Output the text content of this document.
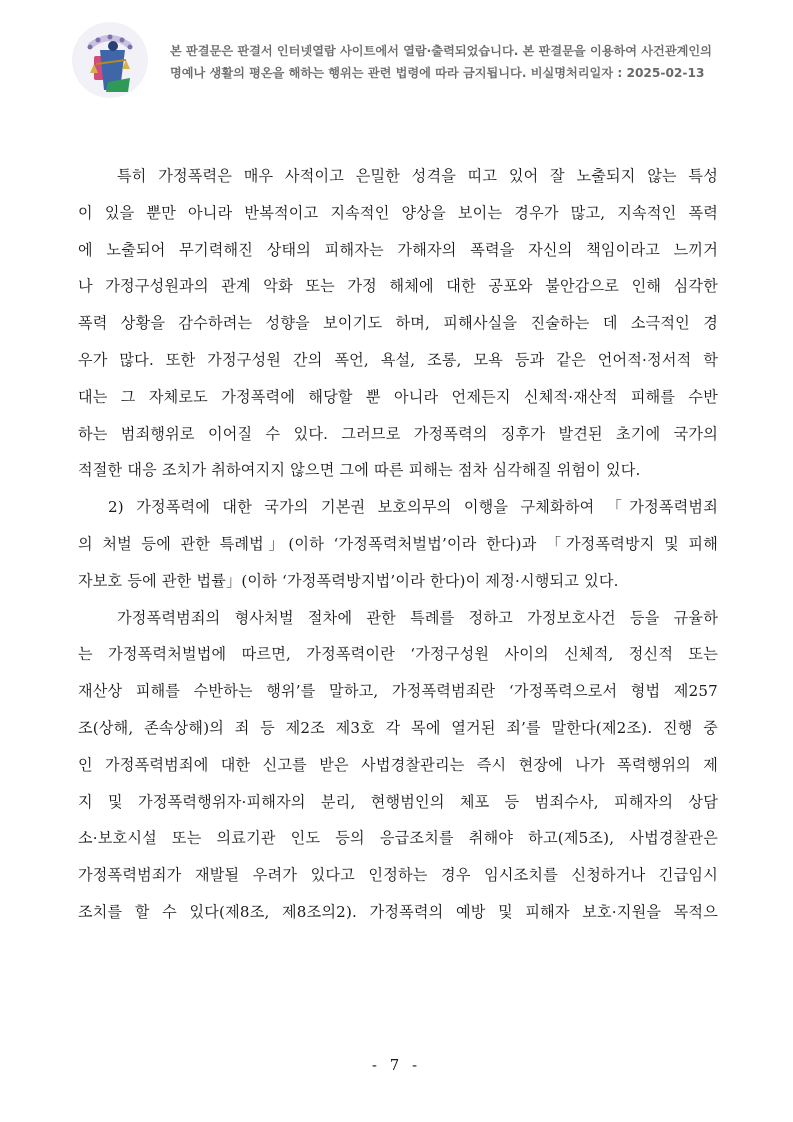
본 판결문은 판결서 인터넷열람 사이트에서 열람·출력되었습니다. 본 판결문을 이용하여 사건관계인의
명예나 생활의 평온을 해하는 행위는 관련 법령에 따라 금지됩니다. 비실명처리일자 : 2025-02-13
특히 가정폭력은 매우 사적이고 은밀한 성격을 띠고 있어 잘 노출되지 않는 특성
이 있을 뿐만 아니라 반복적이고 지속적인 양상을 보이는 경우가 많고, 지속적인 폭력
에 노출되어 무기력해진 상태의 피해자는 가해자의 폭력을 자신의 책임이라고 느끼거
나 가정구성원과의 관계 악화 또는 가정 해체에 대한 공포와 불안감으로 인해 심각한
폭력 상황을 감수하려는 성향을 보이기도 하며, 피해사실을 진술하는 데 소극적인 경
우가 많다. 또한 가정구성원 간의 폭언, 욕설, 조롱, 모욕 등과 같은 언어적·정서적 학
대는 그 자체로도 가정폭력에 해당할 뿐 아니라 언제든지 신체적·재산적 피해를 수반
하는 범죄행위로 이어질 수 있다. 그러므로 가정폭력의 징후가 발견된 초기에 국가의
적절한 대응 조치가 취하여지지 않으면 그에 따른 피해는 점차 심각해질 위험이 있다.
2) 가정폭력에 대한 국가의 기본권 보호의무의 이행을 구체화하여 「가정폭력범죄
의 처벌 등에 관한 특례법」(이하 ‘가정폭력처벌법’이라 한다)과 「가정폭력방지 및 피해
자보호 등에 관한 법률」(이하 ‘가정폭력방지법’이라 한다)이 제정·시행되고 있다.
가정폭력범죄의 형사처벌 절차에 관한 특례를 정하고 가정보호사건 등을 규율하
는 가정폭력처벌법에 따르면, 가정폭력이란 ‘가정구성원 사이의 신체적, 정신적 또는
재산상 피해를 수반하는 행위’를 말하고, 가정폭력범죄란 ‘가정폭력으로서 형법 제257
조(상해, 존속상해)의 죄 등 제2조 제3호 각 목에 열거된 죄’를 말한다(제2조). 진행 중
인 가정폭력범죄에 대한 신고를 받은 사법경찰관리는 즉시 현장에 나가 폭력행위의 제
지 및 가정폭력행위자·피해자의 분리, 현행범인의 체포 등 범죄수사, 피해자의 상담
소·보호시설 또는 의료기관 인도 등의 응급조치를 취해야 하고(제5조), 사법경찰관은
가정폭력범죄가 재발될 우려가 있다고 인정하는 경우 임시조치를 신청하거나 긴급임시
조치를 할 수 있다(제8조, 제8조의2). 가정폭력의 예방 및 피해자 보호·지원을 목적으
- 7 -
